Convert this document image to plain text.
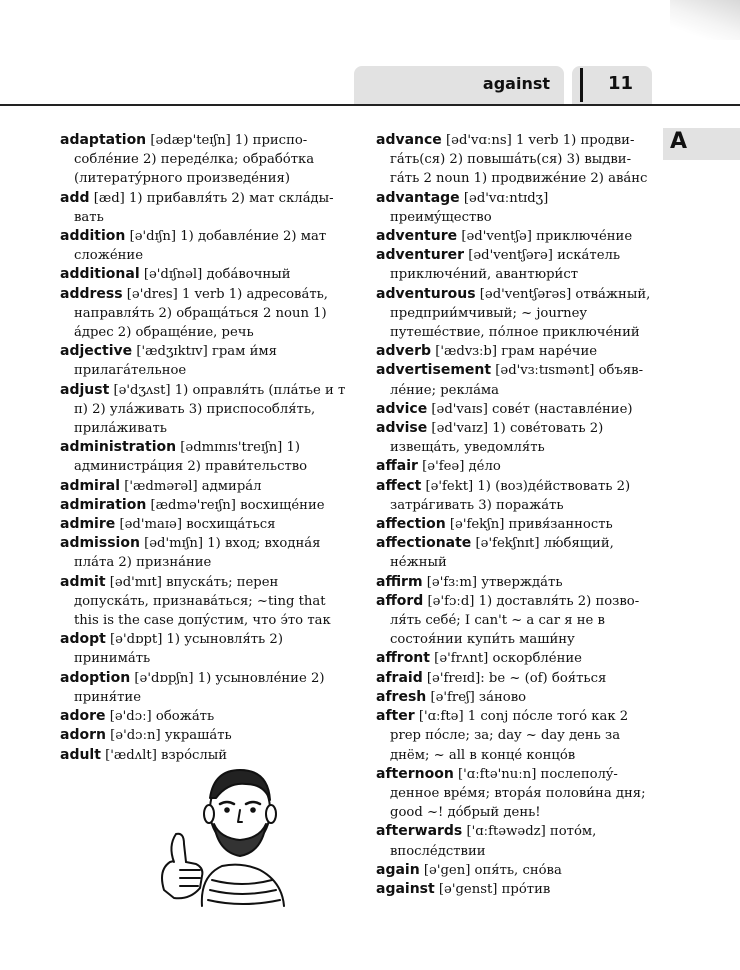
against	11
A
adaptation [ədæp'teɪʃn] 1) приспособлéние 2) передéлка; обрабóтка (литератýрного произведéния)
add [æd] 1) прибавля́ть 2) мат склáдывать
addition [ə'dɪʃn] 1) добавлéние 2) мат сложéние
additional [ə'dɪʃnəl] добáвочный
address [ə'dres] 1 verb 1) адресовáть, направля́ть 2) обращáться 2 noun 1) áдрес 2) обращéние, речь
adjective ['ædʒɪktɪv] грам и́мя прилагáтельное
adjust [ə'dʒʌst] 1) оправля́ть (плáтье и т п) 2) улáживать 3) приспособля́ть, прилáживать
administration [ədmɪnɪs'treɪʃn] 1) администрáция 2) прави́тельство
admiral ['ædmərəl] адмирáл
admiration [ædmə'reɪʃn] восхищéние
admire [əd'maɪə] восхищáться
admission [əd'mɪʃn] 1) вход; входнáя плáта 2) признáние
admit [əd'mɪt] впускáть; перен допускáть, признавáться; ~ting that this is the case допýстим, что э́то так
adopt [ə'dɒpt] 1) усыновля́ть 2) принимáть
adoption [ə'dɒpʃn] 1) усыновлéние 2) приня́тие
adore [ə'dɔː] обожáть
adorn [ə'dɔːn] украшáть
adult ['ædʌlt] взрóслый
advance [əd'vɑːns] 1 verb 1) продвигáть(ся) 2) повышáть(ся) 3) выдвигáть 2 noun 1) продвижéние 2) авáнс
advantage [əd'vɑːntɪdʒ] преимýщество
adventure [əd'ventʃə] приключéние
adventurer [əd'ventʃərə] искáтель приключéний, авантюри́ст
adventurous [əd'ventʃərəs] отвáжный, предприи́мчивый; ~ journey путешéствие, пóлное приключéний
adverb ['ædvɜːb] грам нарéчие
advertisement [əd'vɜːtɪsmənt] объявлéние; реклáма
advice [əd'vaɪs] совéт (наставлéние)
advise [əd'vaɪz] 1) совéтовать 2) извещáть, уведомля́ть
affair [ə'feə] дéло
affect [ə'fekt] 1) (воз)дéйствовать 2) затрáгивать 3) поражáть
affection [ə'fekʃn] привя́занность
affectionate [ə'fekʃnɪt] лю́бящий, нéжный
affirm [ə'fɜːm] утверждáть
afford [ə'fɔːd] 1) доставля́ть 2) позволя́ть себé; I can't ~ a car я не в состоя́нии купи́ть маши́ну
affront [ə'frʌnt] оскорблéние
afraid [ə'freɪd]: be ~ (of) боя́ться
afresh [ə'freʃ] зáново
after ['ɑːftə] 1 conj пóсле тогó как 2 prep пóсле; за; day ~ day день за днём; ~ all в концé концóв
afternoon ['ɑːftə'nuːn] послеполýденное врéмя; вторáя полови́на дня; good ~! дóбрый день!
afterwards ['ɑːftəwədz] потóм, впослéдствии
again [ə'gen] опя́ть, снóва
against [ə'genst] прóтив
